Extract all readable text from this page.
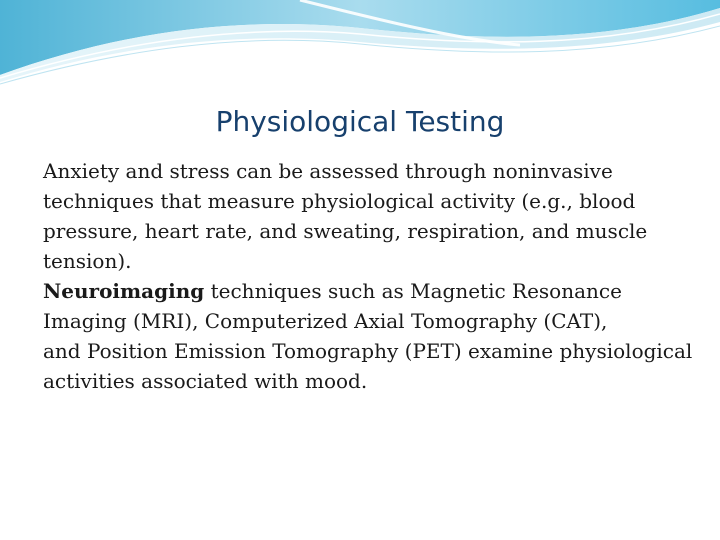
Physiological Testing

Anxiety and stress can be assessed through noninvasive techniques that measure physiological activity (e.g., blood pressure, heart rate, and sweating, respiration, and muscle tension).

Neuroimaging techniques such as Magnetic Resonance Imaging (MRI), Computerized Axial Tomography (CAT),

and Position Emission Tomography (PET) examine physiological activities associated with mood.
